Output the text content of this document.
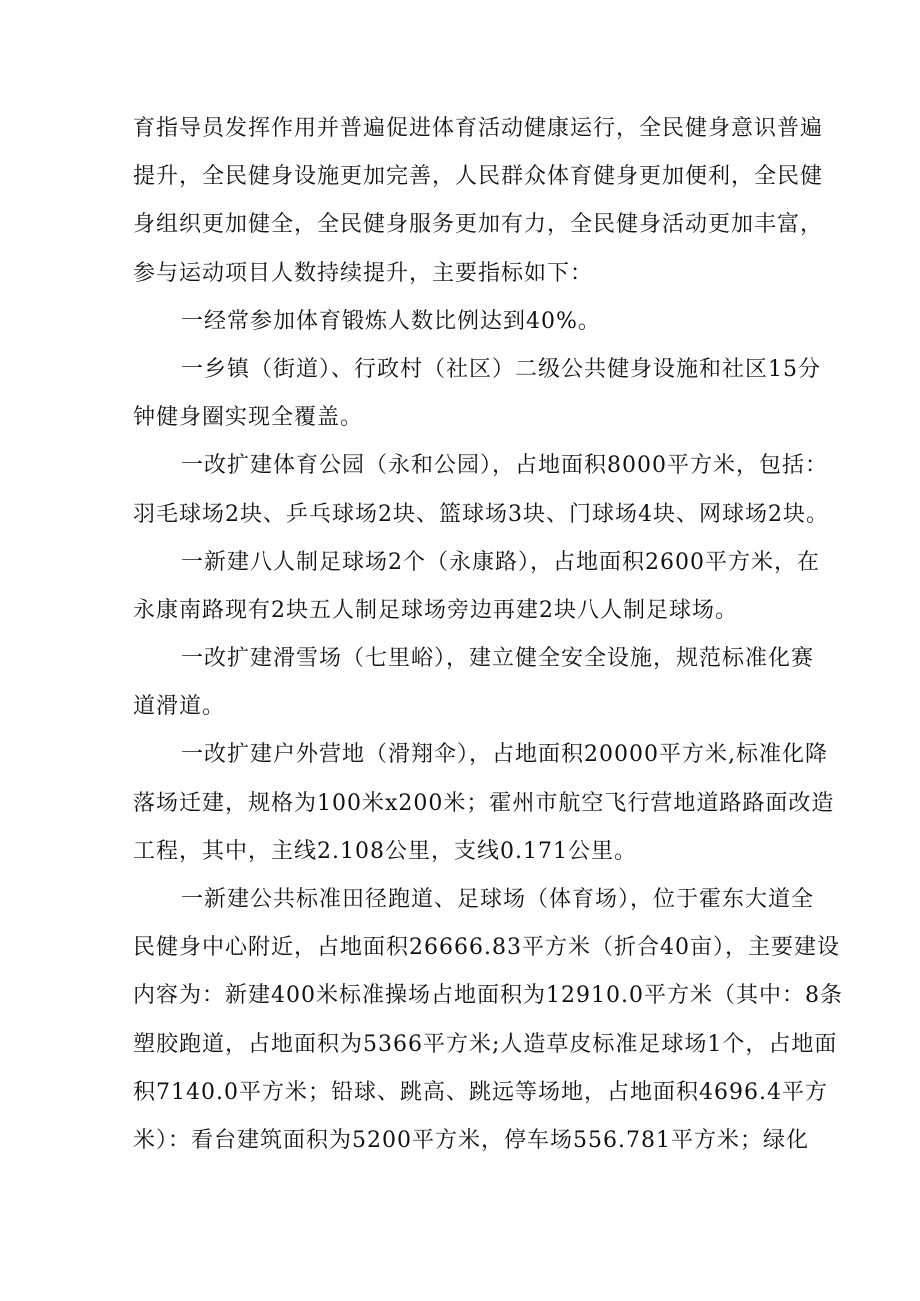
育指导员发挥作用并普遍促进体育活动健康运行，全民健身意识普遍
提升，全民健身设施更加完善，人民群众体育健身更加便利，全民健
身组织更加健全，全民健身服务更加有力，全民健身活动更加丰富，
参与运动项目人数持续提升，主要指标如下：
一经常参加体育锻炼人数比例达到40%。
一乡镇（街道）、行政村（社区）二级公共健身设施和社区15分
钟健身圈实现全覆盖。
一改扩建体育公园（永和公园），占地面积8000平方米，包括：
羽毛球场2块、乒乓球场2块、篮球场3块、门球场4块、网球场2块。
一新建八人制足球场2个（永康路），占地面积2600平方米，在
永康南路现有2块五人制足球场旁边再建2块八人制足球场。
一改扩建滑雪场（七里峪），建立健全安全设施，规范标准化赛
道滑道。
一改扩建户外营地（滑翔伞），占地面积20000平方米,标准化降
落场迁建，规格为100米x200米；霍州市航空飞行营地道路路面改造
工程，其中，主线2.108公里，支线0.171公里。
一新建公共标准田径跑道、足球场（体育场），位于霍东大道全
民健身中心附近，占地面积26666.83平方米（折合40亩），主要建设
内容为：新建400米标准操场占地面积为12910.0平方米（其中：8条
塑胶跑道，占地面积为5366平方米;人造草皮标准足球场1个，占地面
积7140.0平方米；铅球、跳高、跳远等场地，占地面积4696.4平方
米）：看台建筑面积为5200平方米，停车场556.781平方米；绿化
